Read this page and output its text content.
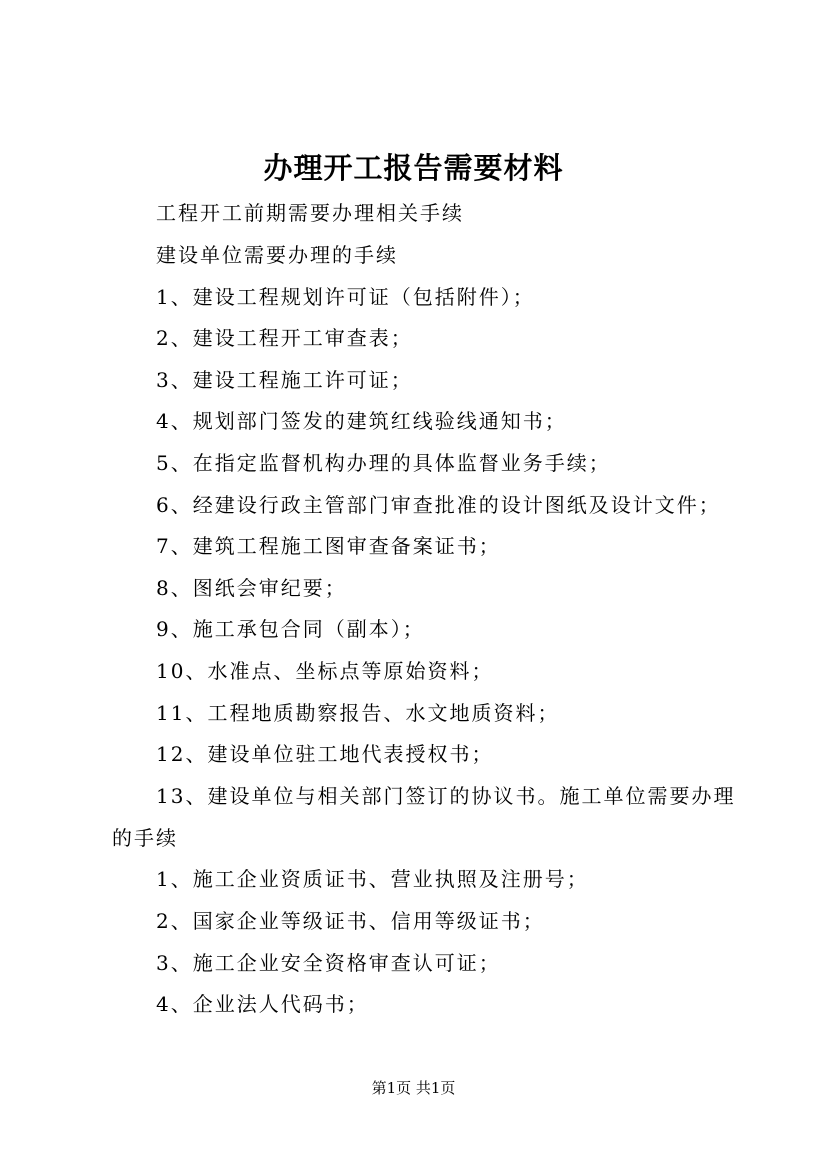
办理开工报告需要材料
工程开工前期需要办理相关手续
建设单位需要办理的手续
1、建设工程规划许可证（包括附件）；
2、建设工程开工审查表；
3、建设工程施工许可证；
4、规划部门签发的建筑红线验线通知书；
5、在指定监督机构办理的具体监督业务手续；
6、经建设行政主管部门审查批准的设计图纸及设计文件；
7、建筑工程施工图审查备案证书；
8、图纸会审纪要；
9、施工承包合同（副本）；
10、水准点、坐标点等原始资料；
11、工程地质勘察报告、水文地质资料；
12、建设单位驻工地代表授权书；
13、建设单位与相关部门签订的协议书。施工单位需要办理
的手续
1、施工企业资质证书、营业执照及注册号；
2、国家企业等级证书、信用等级证书；
3、施工企业安全资格审查认可证；
4、企业法人代码书；
第1页 共1页
